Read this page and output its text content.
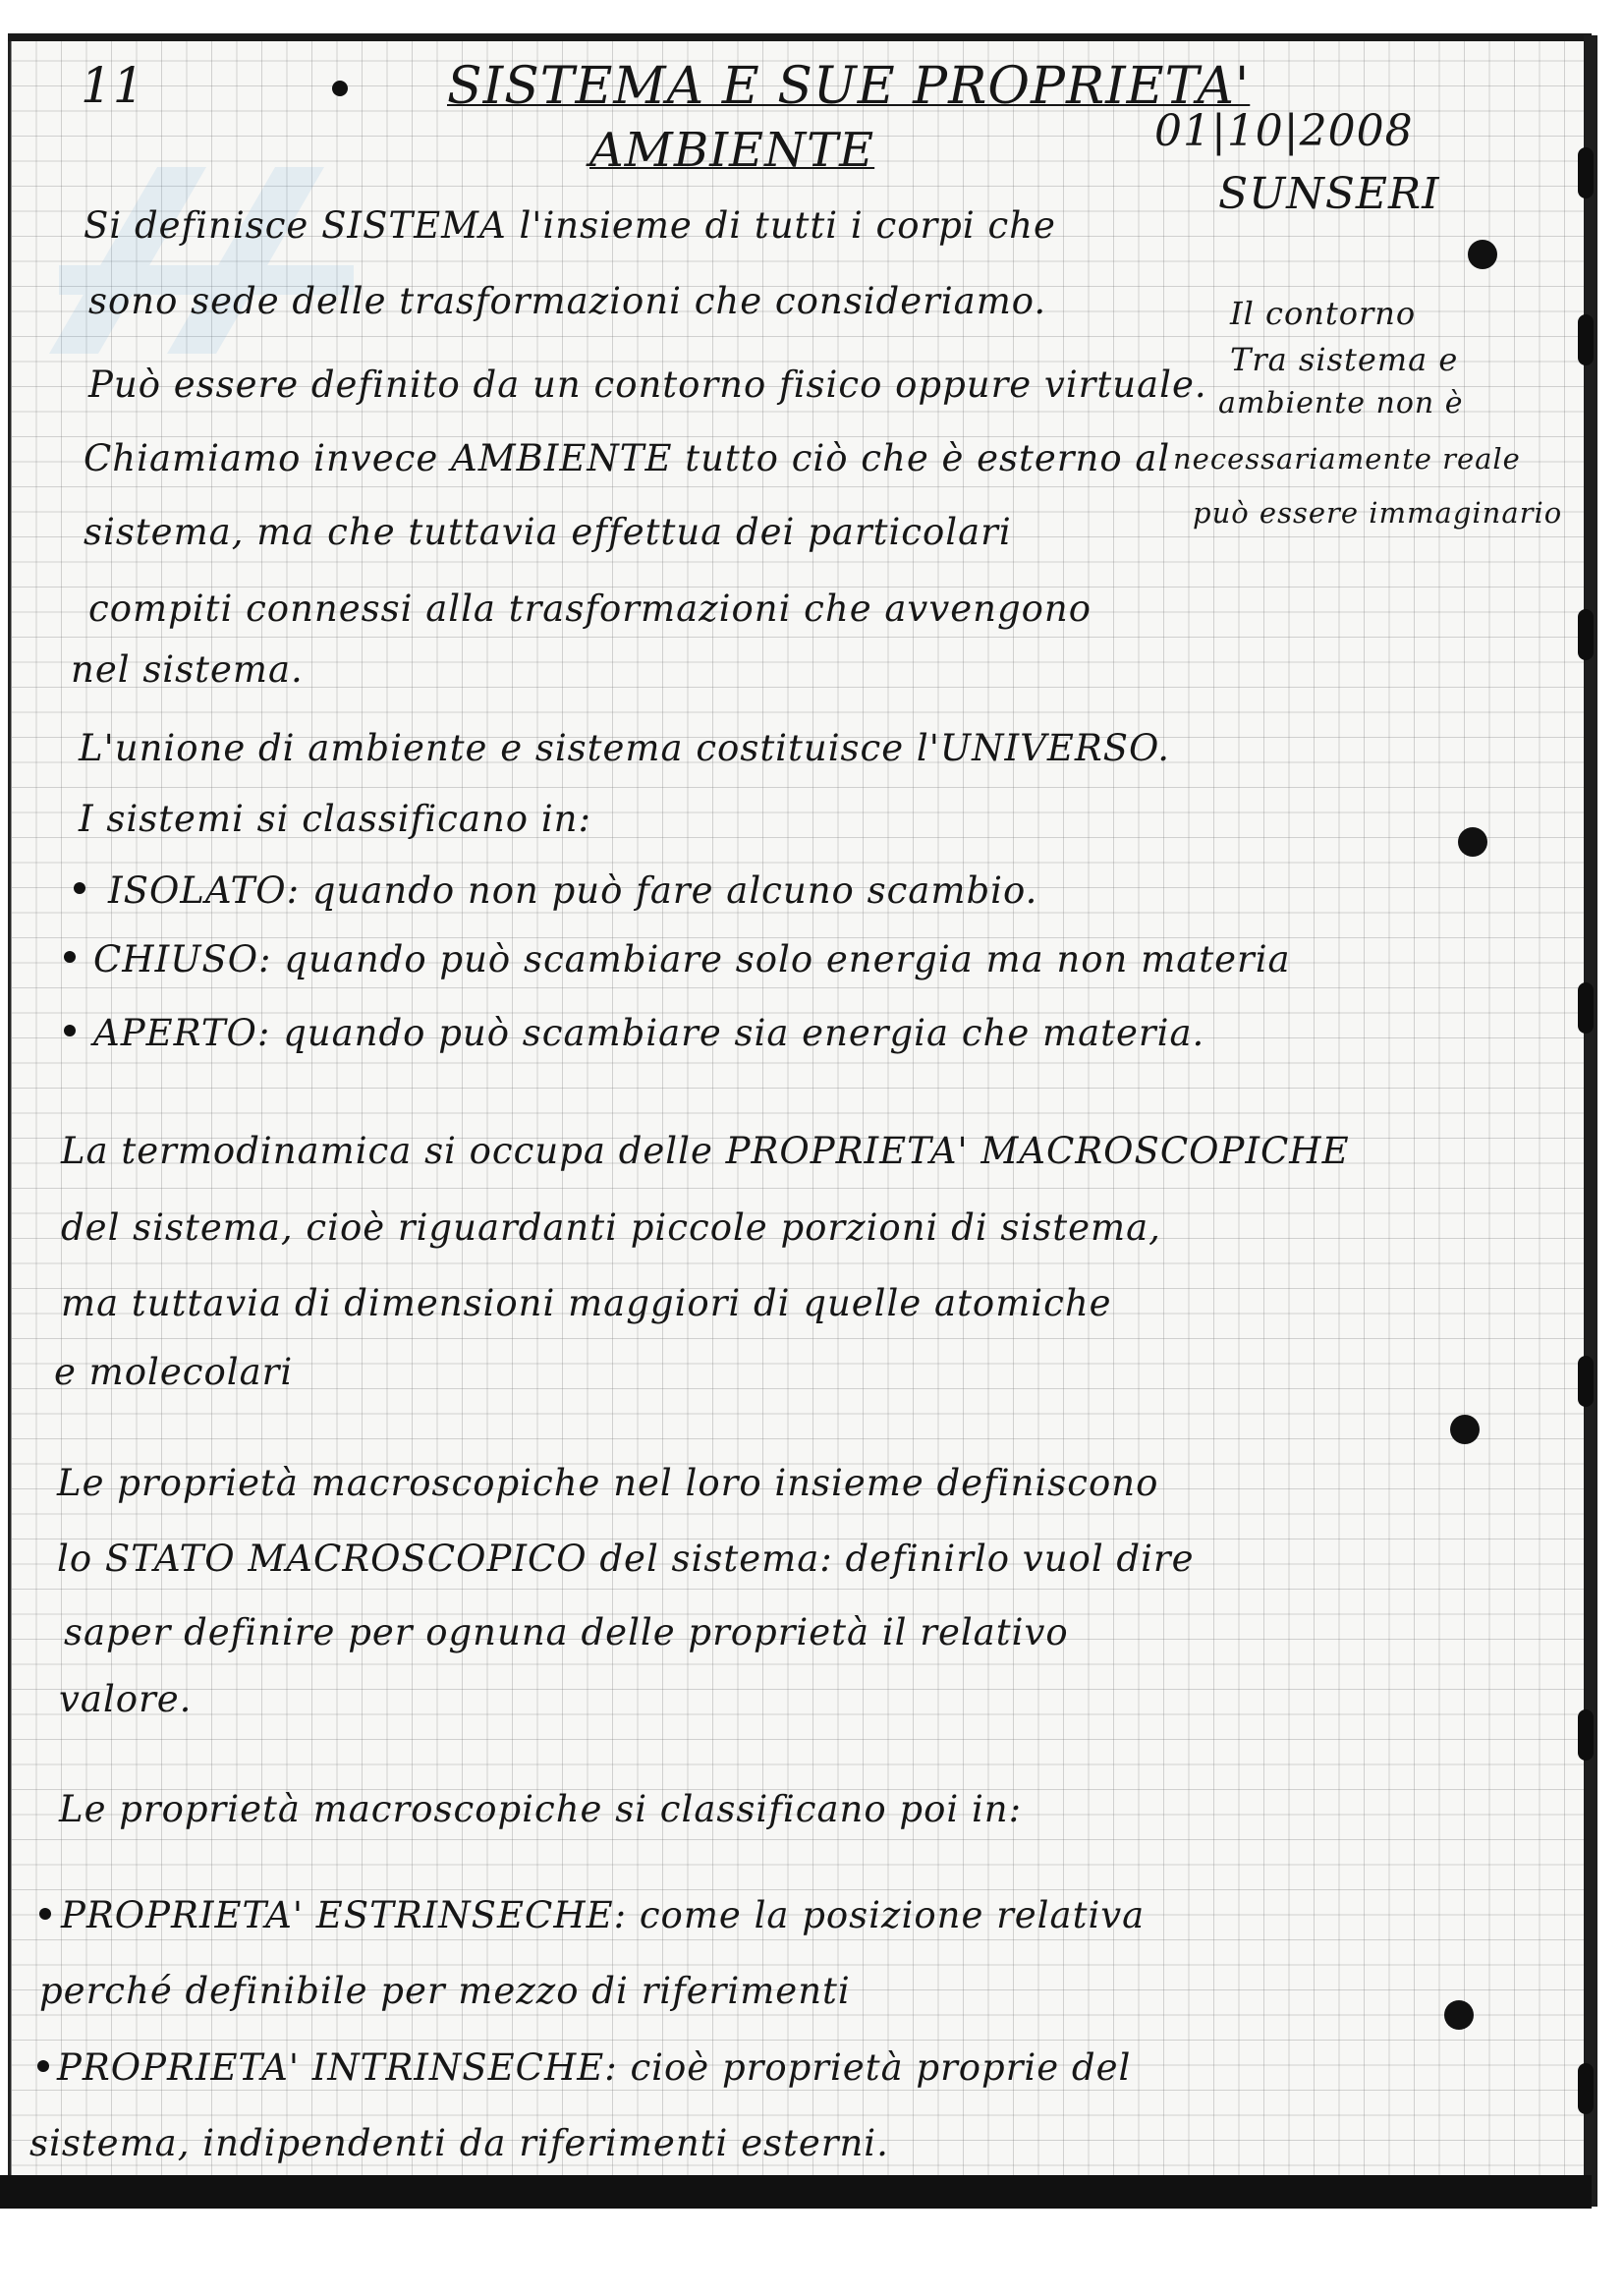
11	SISTEMA E SUE PROPRIETA'
AMBIENTE	01|10|2008
SUNSERI
Il contorno
Tra sistema e
ambiente non è
necessariamente reale
può essere immaginario
Si definisce SISTEMA l'insieme di tutti i corpi che
sono sede delle trasformazioni che consideriamo.
Può essere definito da un contorno fisico oppure virtuale.
Chiamiamo invece AMBIENTE tutto ciò che è esterno al
sistema, ma che tuttavia effettua dei particolari
compiti connessi alla trasformazioni che avvengono
nel sistema.
L'unione di ambiente e sistema costituisce l'UNIVERSO.
I sistemi si classificano in:
ISOLATO: quando non può fare alcuno scambio.
CHIUSO: quando può scambiare solo energia ma non materia
APERTO: quando può scambiare sia energia che materia.
La termodinamica si occupa delle PROPRIETA' MACROSCOPICHE
del sistema, cioè riguardanti piccole porzioni di sistema,
ma tuttavia di dimensioni maggiori di quelle atomiche
e molecolari
Le proprietà macroscopiche nel loro insieme definiscono
lo STATO MACROSCOPICO del sistema: definirlo vuol dire
saper definire per ognuna delle proprietà il relativo
valore.
Le proprietà macroscopiche si classificano poi in:
PROPRIETA' ESTRINSECHE: come la posizione relativa
perché definibile per mezzo di riferimenti
PROPRIETA' INTRINSECHE: cioè proprietà proprie del
sistema, indipendenti da riferimenti esterni.
